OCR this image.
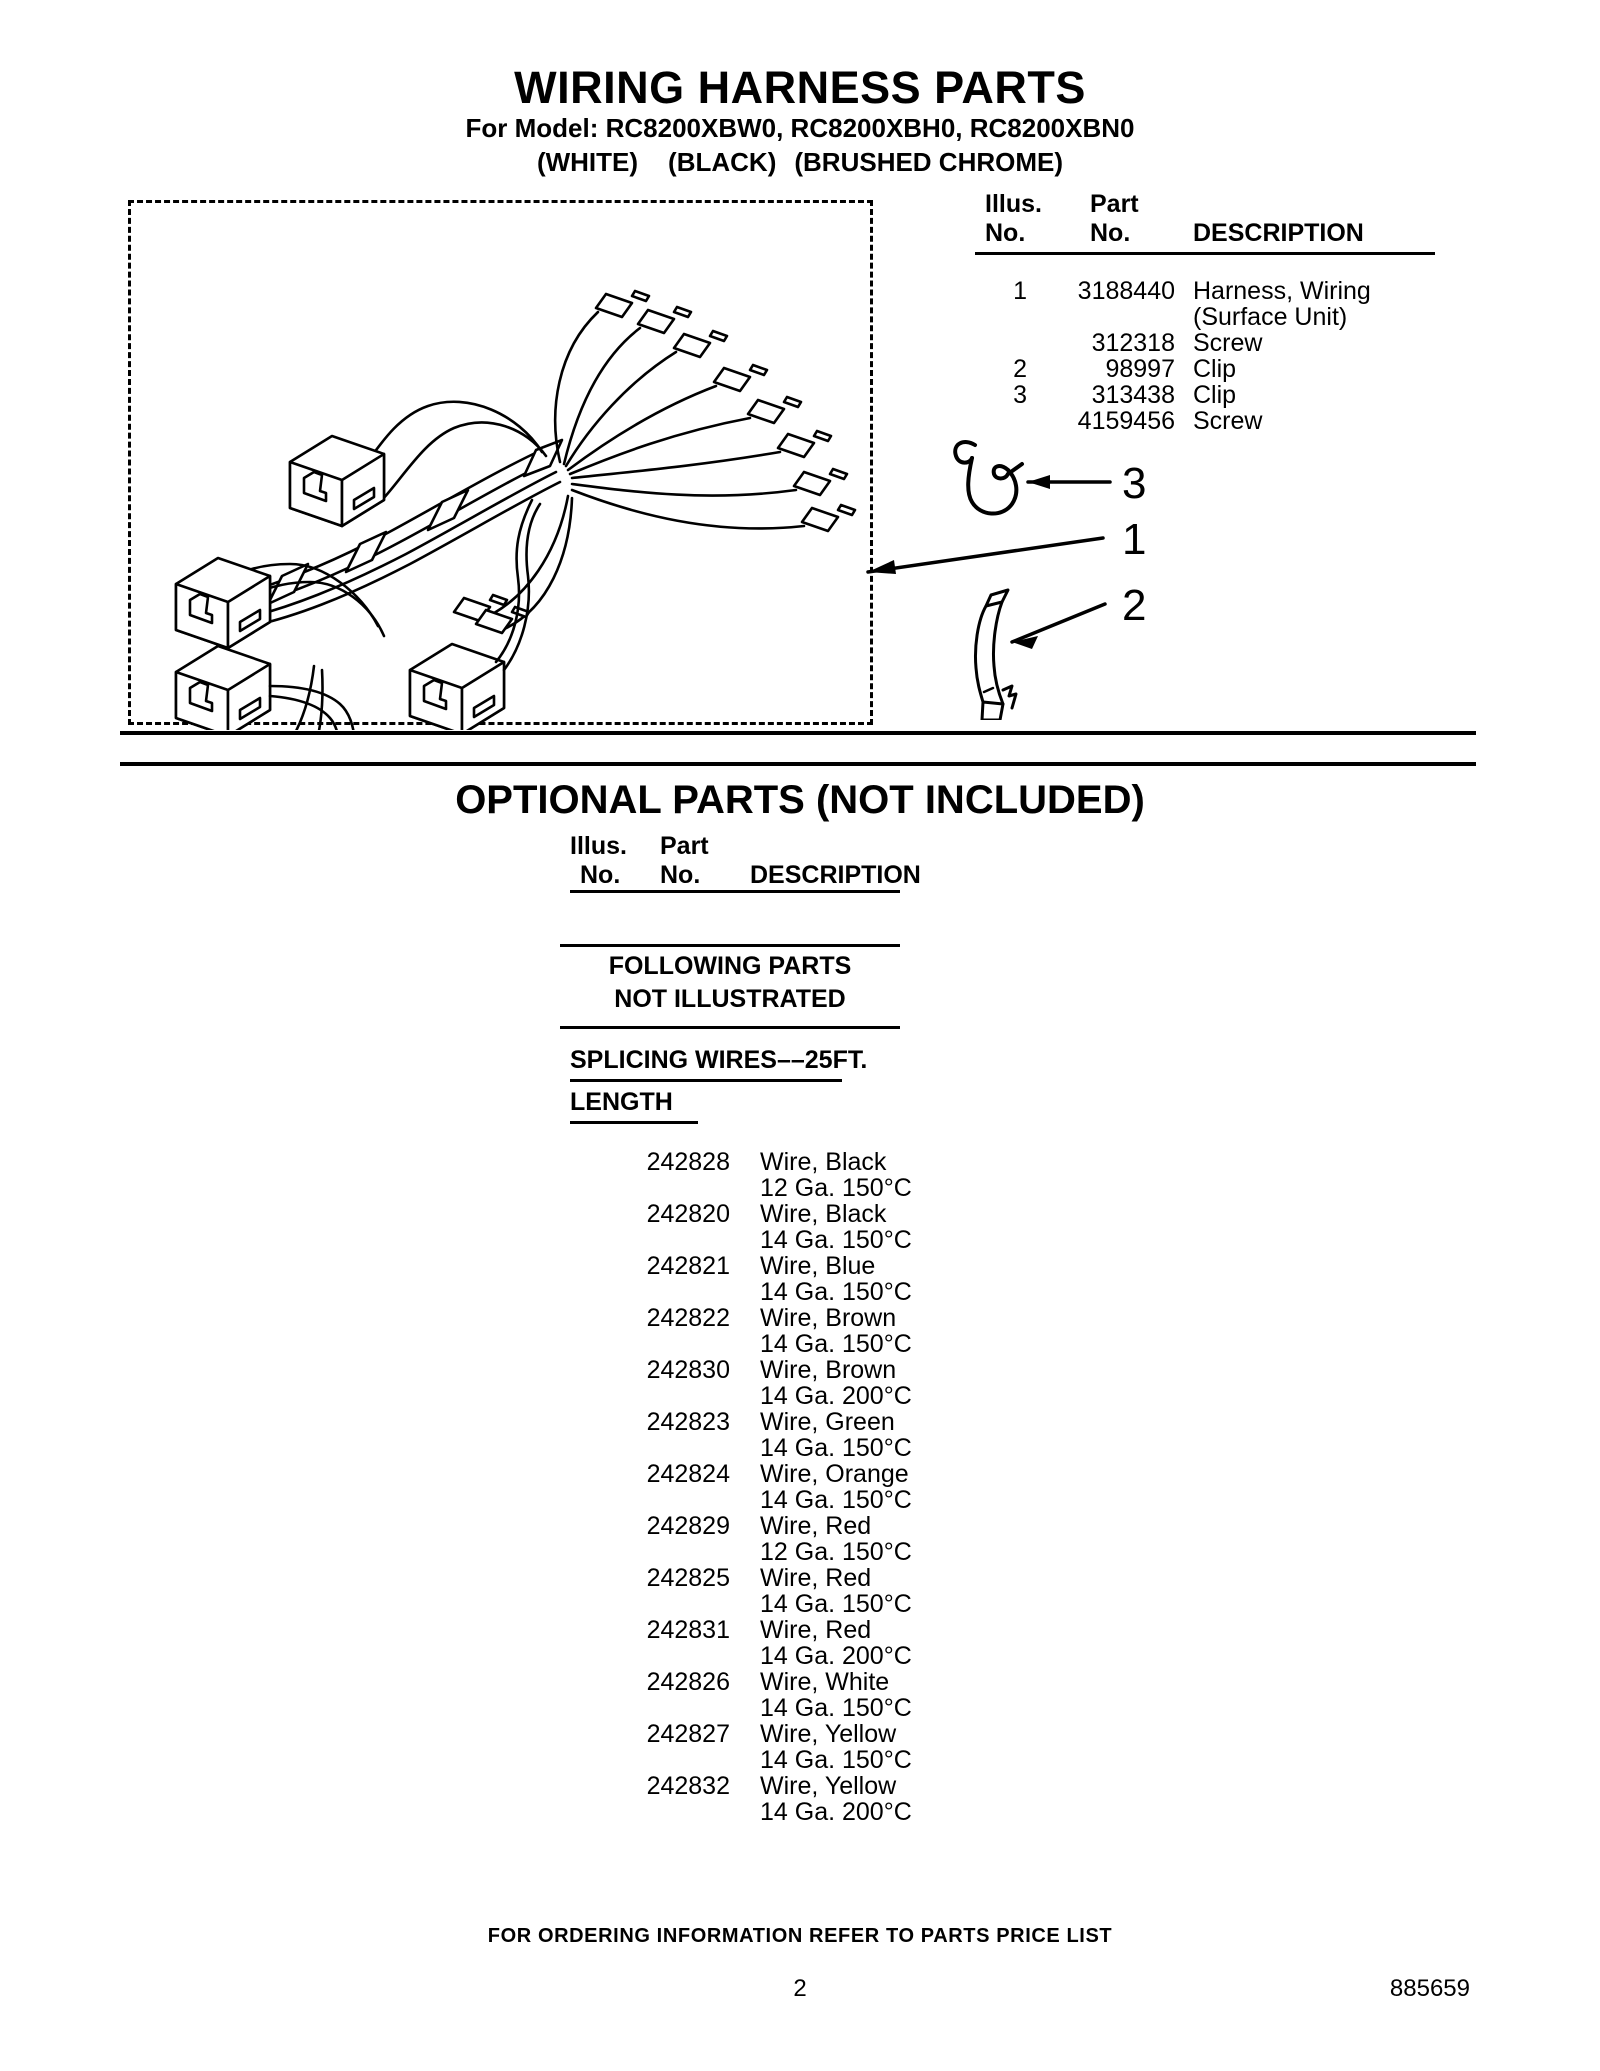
WIRING HARNESS PARTS
For Model: RC8200XBW0, RC8200XBH0, RC8200XBN0
(WHITE) (BLACK) (BRUSHED CHROME)
Illus. Part
No.	No.	DESCRIPTION
1	3188440 Harness, Wiring
(Surface Unit)
312318 Screw
2	98997 Clip
3	313438 Clip
4159456 Screw
3
1
2
OPTIONAL PARTS (NOT INCLUDED)
Illus. Part
No. No. DESCRIPTION
FOLLOWING PARTS
NOT ILLUSTRATED
SPLICING WIRES––25FT.
LENGTH
242828 Wire, Black
12 Ga. 150°C
242820 Wire, Black
14 Ga. 150°C
242821 Wire, Blue
14 Ga. 150°C
242822 Wire, Brown
14 Ga. 150°C
242830 Wire, Brown
14 Ga. 200°C
242823 Wire, Green
14 Ga. 150°C
242824 Wire, Orange
14 Ga. 150°C
242829 Wire, Red
12 Ga. 150°C
242825 Wire, Red
14 Ga. 150°C
242831 Wire, Red
14 Ga. 200°C
242826 Wire, White
14 Ga. 150°C
242827 Wire, Yellow
14 Ga. 150°C
242832 Wire, Yellow
14 Ga. 200°C
FOR ORDERING INFORMATION REFER TO PARTS PRICE LIST
2	885659
